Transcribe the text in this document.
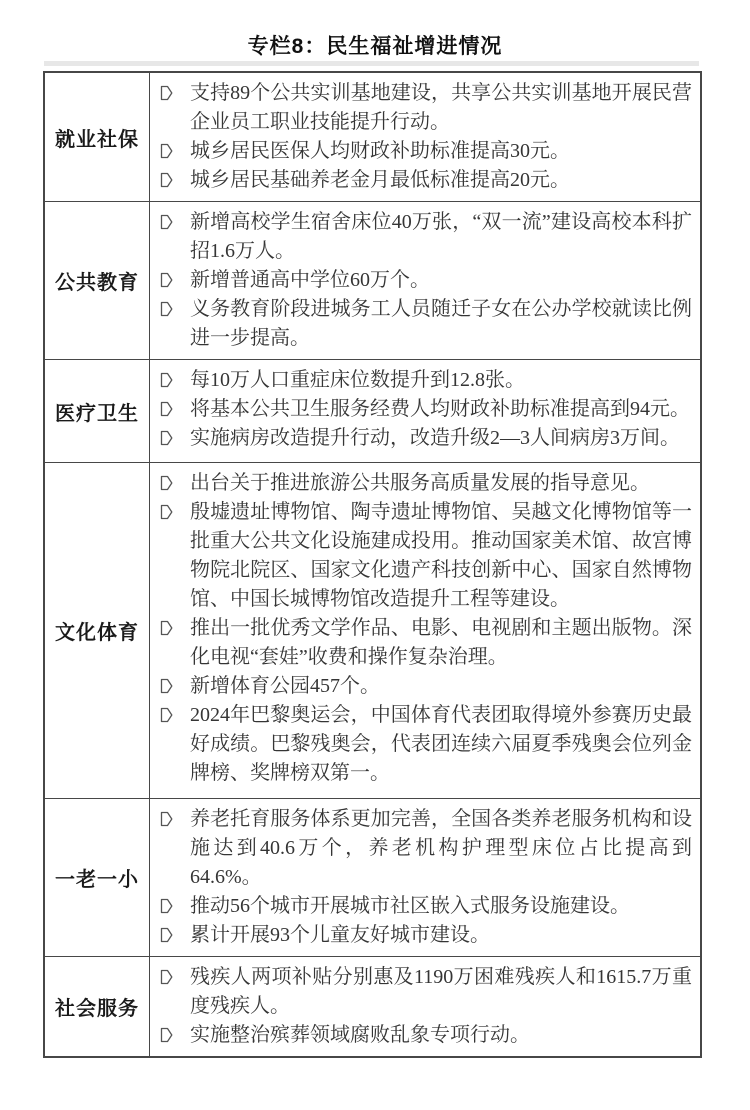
专栏8：民生福祉增进情况
就业社保
支持89个公共实训基地建设，共享公共实训基地开展民营企业员工职业技能提升行动。
城乡居民医保人均财政补助标准提高30元。
城乡居民基础养老金月最低标准提高20元。
公共教育
新增高校学生宿舍床位40万张，“双一流”建设高校本科扩招1.6万人。
新增普通高中学位60万个。
义务教育阶段进城务工人员随迁子女在公办学校就读比例进一步提高。
医疗卫生
每10万人口重症床位数提升到12.8张。
将基本公共卫生服务经费人均财政补助标准提高到94元。
实施病房改造提升行动，改造升级2—3人间病房3万间。
文化体育
出台关于推进旅游公共服务高质量发展的指导意见。
殷墟遗址博物馆、陶寺遗址博物馆、吴越文化博物馆等一批重大公共文化设施建成投用。推动国家美术馆、故宫博物院北院区、国家文化遗产科技创新中心、国家自然博物馆、中国长城博物馆改造提升工程等建设。
推出一批优秀文学作品、电影、电视剧和主题出版物。深化电视“套娃”收费和操作复杂治理。
新增体育公园457个。
2024年巴黎奥运会，中国体育代表团取得境外参赛历史最好成绩。巴黎残奥会，代表团连续六届夏季残奥会位列金牌榜、奖牌榜双第一。
一老一小
养老托育服务体系更加完善，全国各类养老服务机构和设施达到40.6万个，养老机构护理型床位占比提高到64.6%。
推动56个城市开展城市社区嵌入式服务设施建设。
累计开展93个儿童友好城市建设。
社会服务
残疾人两项补贴分别惠及1190万困难残疾人和1615.7万重度残疾人。
实施整治殡葬领域腐败乱象专项行动。
